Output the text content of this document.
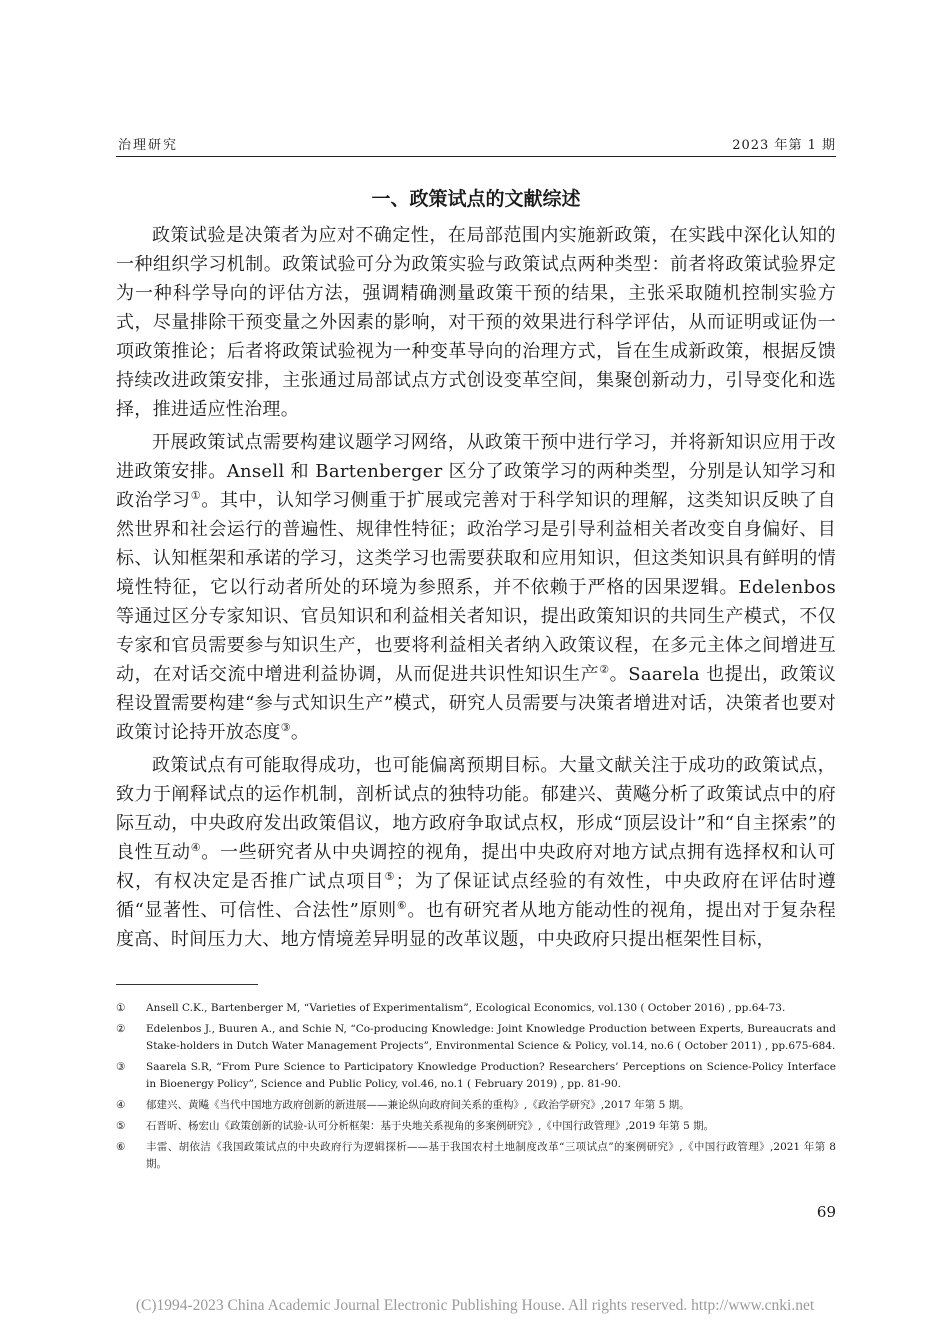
治理研究	2023 年第 1 期
一、政策试点的文献综述

政策试验是决策者为应对不确定性，在局部范围内实施新政策，在实践中深化认知的一种组织学习机制。政策试验可分为政策实验与政策试点两种类型：前者将政策试验界定为一种科学导向的评估方法，强调精确测量政策干预的结果，主张采取随机控制实验方式，尽量排除干预变量之外因素的影响，对干预的效果进行科学评估，从而证明或证伪一项政策推论；后者将政策试验视为一种变革导向的治理方式，旨在生成新政策，根据反馈持续改进政策安排，主张通过局部试点方式创设变革空间，集聚创新动力，引导变化和选择，推进适应性治理。

开展政策试点需要构建议题学习网络，从政策干预中进行学习，并将新知识应用于改进政策安排。Ansell 和 Bartenberger 区分了政策学习的两种类型，分别是认知学习和政治学习①。其中，认知学习侧重于扩展或完善对于科学知识的理解，这类知识反映了自然世界和社会运行的普遍性、规律性特征；政治学习是引导利益相关者改变自身偏好、目标、认知框架和承诺的学习，这类学习也需要获取和应用知识，但这类知识具有鲜明的情境性特征，它以行动者所处的环境为参照系，并不依赖于严格的因果逻辑。Edelenbos 等通过区分专家知识、官员知识和利益相关者知识，提出政策知识的共同生产模式，不仅专家和官员需要参与知识生产，也要将利益相关者纳入政策议程，在多元主体之间增进互动，在对话交流中增进利益协调，从而促进共识性知识生产②。Saarela 也提出，政策议程设置需要构建“参与式知识生产”模式，研究人员需要与决策者增进对话，决策者也要对政策讨论持开放态度③。

政策试点有可能取得成功，也可能偏离预期目标。大量文献关注于成功的政策试点，致力于阐释试点的运作机制，剖析试点的独特功能。郁建兴、黄飚分析了政策试点中的府际互动，中央政府发出政策倡议，地方政府争取试点权，形成“顶层设计”和“自主探索”的良性互动④。一些研究者从中央调控的视角，提出中央政府对地方试点拥有选择权和认可权，有权决定是否推广试点项目⑤；为了保证试点经验的有效性，中央政府在评估时遵循“显著性、可信性、合法性”原则⑥。也有研究者从地方能动性的视角，提出对于复杂程度高、时间压力大、地方情境差异明显的改革议题，中央政府只提出框架性目标，

①	Ansell C.K., Bartenberger M, “Varieties of Experimentalism”, Ecological Economics, vol.130 ( October 2016) , pp.64-73.
②	Edelenbos J., Buuren A., and Schie N, “Co-producing Knowledge: Joint Knowledge Production between Experts, Bureaucrats and Stake-holders in Dutch Water Management Projects”, Environmental Science & Policy, vol.14, no.6 ( October 2011) , pp.675-684.
③	Saarela S.R, “From Pure Science to Participatory Knowledge Production? Researchers’ Perceptions on Science-Policy Interface in Bioenergy Policy”, Science and Public Policy, vol.46, no.1 ( February 2019) , pp. 81-90.
④	郁建兴、黄飚《当代中国地方政府创新的新进展——兼论纵向政府间关系的重构》,《政治学研究》,2017 年第 5 期。
⑤	石晋昕、杨宏山《政策创新的试验-认可分析框架：基于央地关系视角的多案例研究》,《中国行政管理》,2019 年第 5 期。
⑥	丰雷、胡依洁《我国政策试点的中央政府行为逻辑探析——基于我国农村土地制度改革“三项试点”的案例研究》,《中国行政管理》,2021 年第 8 期。
69
(C)1994-2023 China Academic Journal Electronic Publishing House. All rights reserved. http://www.cnki.net
